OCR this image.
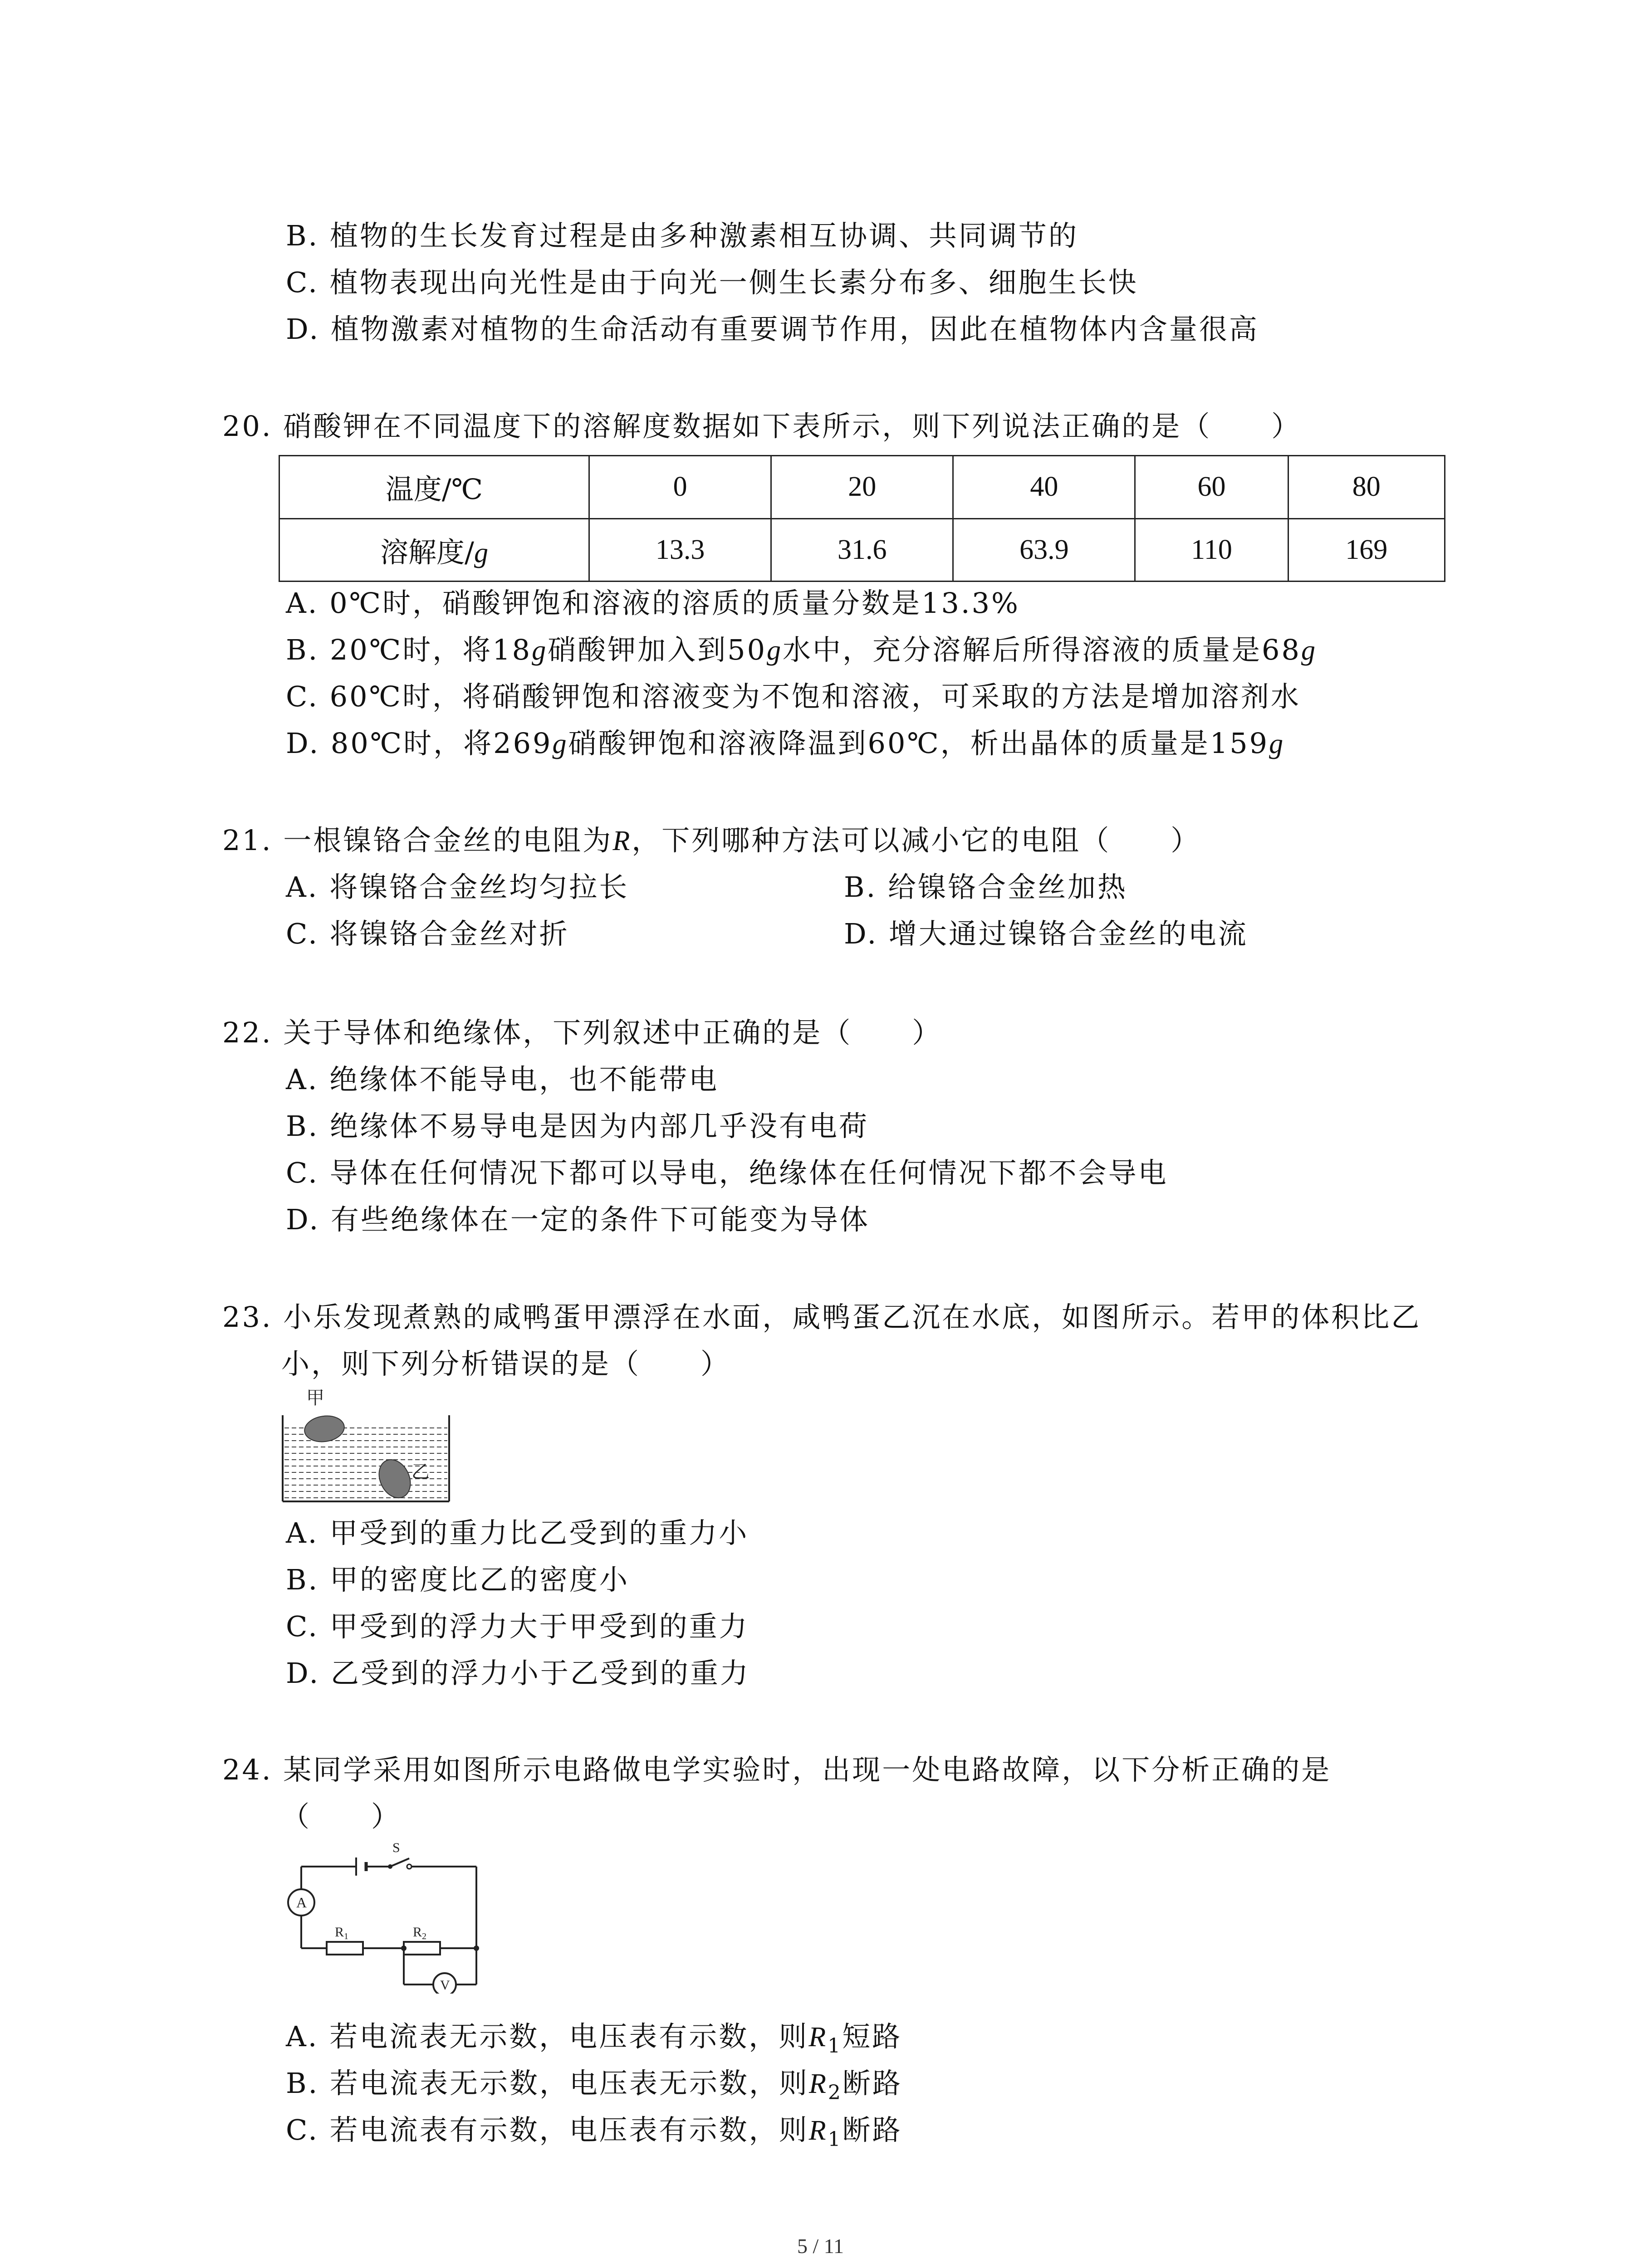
B. 植物的生长发育过程是由多种激素相互协调、共同调节的
C. 植物表现出向光性是由于向光一侧生长素分布多、细胞生长快
D. 植物激素对植物的生命活动有重要调节作用，因此在植物体内含量很高
20. 硝酸钾在不同温度下的溶解度数据如下表所示，则下列说法正确的是（　　）
温度/℃	0	20	40	60	80
溶解度/g	13.3	31.6	63.9	110	169
A. 0℃时，硝酸钾饱和溶液的溶质的质量分数是13.3%
B. 20℃时，将18g硝酸钾加入到50g水中，充分溶解后所得溶液的质量是68g
C. 60℃时，将硝酸钾饱和溶液变为不饱和溶液，可采取的方法是增加溶剂水
D. 80℃时，将269g硝酸钾饱和溶液降温到60℃，析出晶体的质量是159g
21. 一根镍铬合金丝的电阻为R，下列哪种方法可以减小它的电阻（　　）
A. 将镍铬合金丝均匀拉长	B. 给镍铬合金丝加热
C. 将镍铬合金丝对折	D. 增大通过镍铬合金丝的电流
22. 关于导体和绝缘体，下列叙述中正确的是（　　）
A. 绝缘体不能导电，也不能带电
B. 绝缘体不易导电是因为内部几乎没有电荷
C. 导体在任何情况下都可以导电，绝缘体在任何情况下都不会导电
D. 有些绝缘体在一定的条件下可能变为导体
23. 小乐发现煮熟的咸鸭蛋甲漂浮在水面，咸鸭蛋乙沉在水底，如图所示。若甲的体积比乙
小，则下列分析错误的是（　　）
甲
乙
A. 甲受到的重力比乙受到的重力小
B. 甲的密度比乙的密度小
C. 甲受到的浮力大于甲受到的重力
D. 乙受到的浮力小于乙受到的重力
24. 某同学采用如图所示电路做电学实验时，出现一处电路故障，以下分析正确的是
（　　）
S
A
$R_1$	$R_2$
V
A. 若电流表无示数，电压表有示数，则$R_1$短路
B. 若电流表无示数，电压表无示数，则$R_2$断路
C. 若电流表有示数，电压表有示数，则$R_1$断路
5 / 11
